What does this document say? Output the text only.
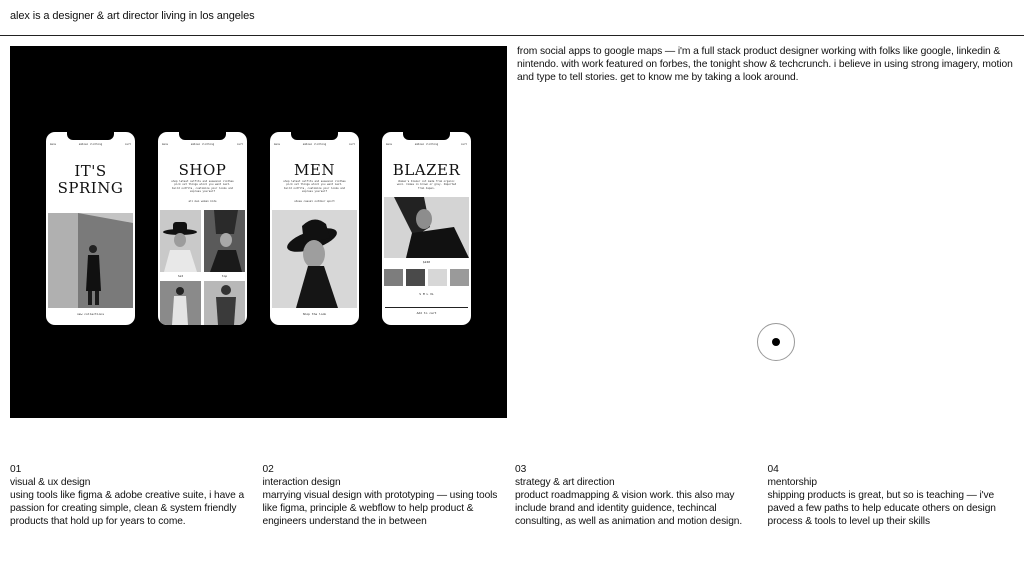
alex is a designer & art director living in los angeles
menu	ambien clothing	cart
IT'S
SPRING
new collections
menu	ambien clothing	cart
SHOP
shop latest outfits and seasonal clothes pick out things which you want next. build outfits, customize your looks and express yourself
all men women kids
hat	top
menu	ambien clothing	cart
MEN
shop latest outfits and seasonal clothes pick out things which you want next. build outfits, customize your looks and express yourself
shoes casual outdoor sport
Shop the look
menu	ambien clothing	cart
BLAZER
Women's blazer cut made from organic wool. Comes in brown or grey. Imported from Japan.
$240
S M L XL
Add to cart
from social apps to google maps — i'm a full stack product designer working with folks like google, linkedin & nintendo. with work featured on forbes, the tonight show & techcrunch. i believe in using strong imagery, motion and type to tell stories. get to know me by taking a look around.
01
visual & ux design
using tools like figma & adobe creative suite, i have a passion for creating simple, clean & system friendly products that hold up for years to come.
02
interaction design
marrying visual design with prototyping — using tools like figma, principle & webflow to help product & engineers understand the in between
03
strategy & art direction
product roadmapping & vision work. this also may include brand and identity guidence, techincal consulting, as well as animation and motion design.
04
mentorship
shipping products is great, but so is teaching — i've paved a few paths to help educate others on design process & tools to level up their skills
